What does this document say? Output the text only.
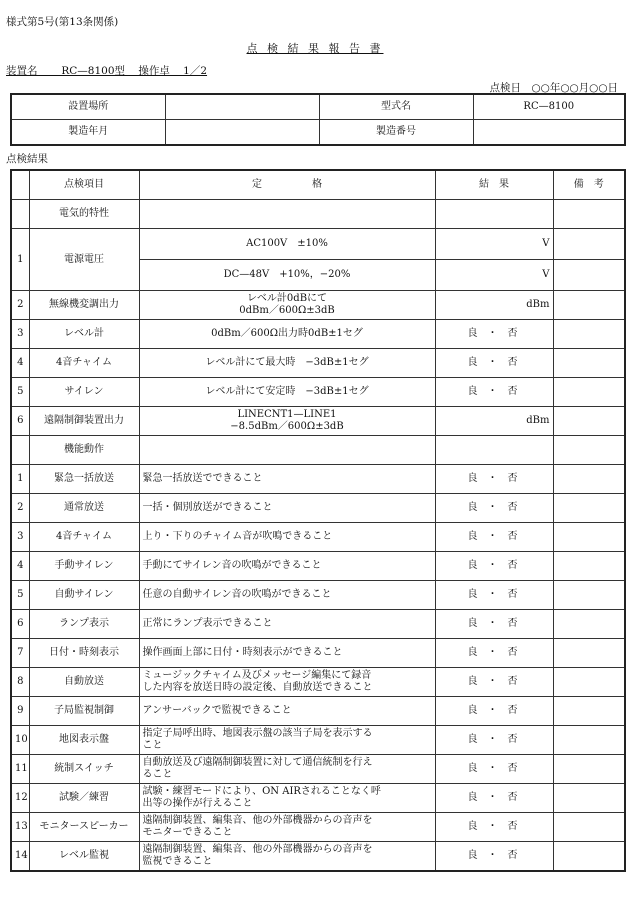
様式第5号(第13条関係)
点 検 結 果 報 告 書
装置名　 RC—8100型 操作卓 1／2
点検日　○○年○○月○○日
設置場所		型式名	RC—8100
製造年月		製造番号	
点検結果
	点検項目	定　　　　　格	結　果	備　考
	電気的特性			
1	電源電圧	AC100V　±10%	V	
		DC—48V　+10%，−20%	V	
2	無線機変調出力	レベル計0dBにて
0dBm／600Ω±3dB	dBm	
3	レベル計	0dBm／600Ω出力時0dB±1セグ	良　・　否	
4	4音チャイム	レベル計にて最大時　−3dB±1セグ	良　・　否	
5	サイレン	レベル計にて安定時　−3dB±1セグ	良　・　否	
6	遠隔制御装置出力	LINECNT1—LINE1
−8.5dBm／600Ω±3dB	dBm	
	機能動作			
1	緊急一括放送	緊急一括放送でできること	良　・　否	
2	通常放送	一括・個別放送ができること	良　・　否	
3	4音チャイム	上り・下りのチャイム音が吹鳴できること	良　・　否	
4	手動サイレン	手動にてサイレン音の吹鳴ができること	良　・　否	
5	自動サイレン	任意の自動サイレン音の吹鳴ができること	良　・　否	
6	ランプ表示	正常にランプ表示できること	良　・　否	
7	日付・時刻表示	操作画面上部に日付・時刻表示ができること	良　・　否	
8	自動放送	ミュージックチャイム及びメッセージ編集にて録音
した内容を放送日時の設定後、自動放送できること	良　・　否	
9	子局監視制御	アンサーバックで監視できること	良　・　否	
10	地図表示盤	指定子局呼出時、地図表示盤の該当子局を表示する
こと	良　・　否	
11	統制スイッチ	自動放送及び遠隔制御装置に対して通信統制を行え
ること	良　・　否	
12	試験／練習	試験・練習モードにより、ON AIRされることなく呼
出等の操作が行えること	良　・　否	
13	モニタースピーカー	遠隔制御装置、編集音、他の外部機器からの音声を
モニターできること	良　・　否	
14	レベル監視	遠隔制御装置、編集音、他の外部機器からの音声を
監視できること	良　・　否	
